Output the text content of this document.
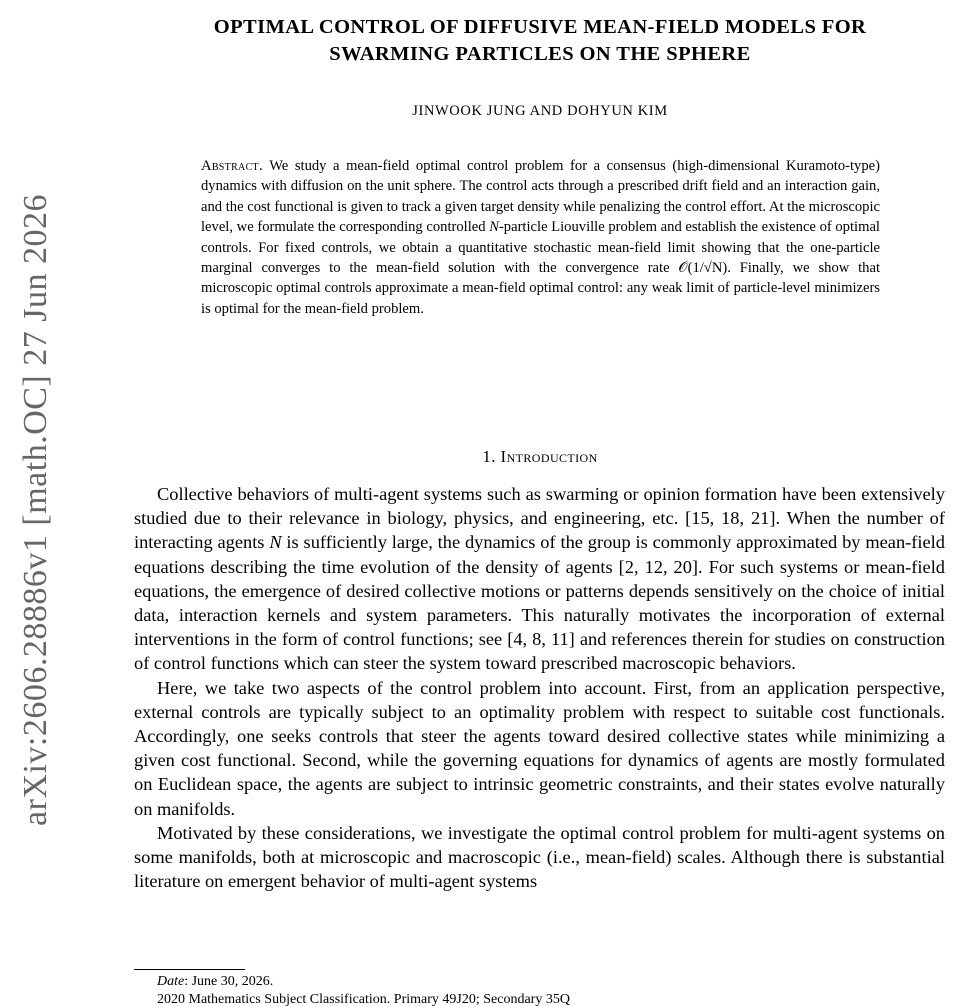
arXiv:2606.28886v1 [math.OC] 27 Jun 2026
OPTIMAL CONTROL OF DIFFUSIVE MEAN-FIELD MODELS FOR
SWARMING PARTICLES ON THE SPHERE
JINWOOK JUNG AND DOHYUN KIM
Abstract. We study a mean-field optimal control problem for a consensus (high-dimensional Kuramoto-type) dynamics with diffusion on the unit sphere. The control acts through a prescribed drift field and an interaction gain, and the cost functional is given to track a given target density while penalizing the control effort. At the microscopic level, we formulate the corresponding controlled N-particle Liouville problem and establish the existence of optimal controls. For fixed controls, we obtain a quantitative stochastic mean-field limit showing that the one-particle marginal converges to the mean-field solution with the convergence rate 𝒪(1/√N). Finally, we show that microscopic optimal controls approximate a mean-field optimal control: any weak limit of particle-level minimizers is optimal for the mean-field problem.
1. Introduction

Collective behaviors of multi-agent systems such as swarming or opinion formation have been extensively studied due to their relevance in biology, physics, and engineering, etc. [15, 18, 21]. When the number of interacting agents N is sufficiently large, the dynamics of the group is commonly approximated by mean-field equations describing the time evolution of the density of agents [2, 12, 20]. For such systems or mean-field equations, the emergence of desired collective motions or patterns depends sensitively on the choice of initial data, interaction kernels and system parameters. This naturally motivates the incorporation of external interventions in the form of control functions; see [4, 8, 11] and references therein for studies on construction of control functions which can steer the system toward prescribed macroscopic behaviors.

Here, we take two aspects of the control problem into account. First, from an application perspective, external controls are typically subject to an optimality problem with respect to suitable cost functionals. Accordingly, one seeks controls that steer the agents toward desired collective states while minimizing a given cost functional. Second, while the governing equations for dynamics of agents are mostly formulated on Euclidean space, the agents are subject to intrinsic geometric constraints, and their states evolve naturally on manifolds.

Motivated by these considerations, we investigate the optimal control problem for multi-agent systems on some manifolds, both at microscopic and macroscopic (i.e., mean-field) scales. Although there is substantial literature on emergent behavior of multi-agent systems

Date: June 30, 2026.
2020 Mathematics Subject Classification. Primary 49J20; Secondary 35Q
